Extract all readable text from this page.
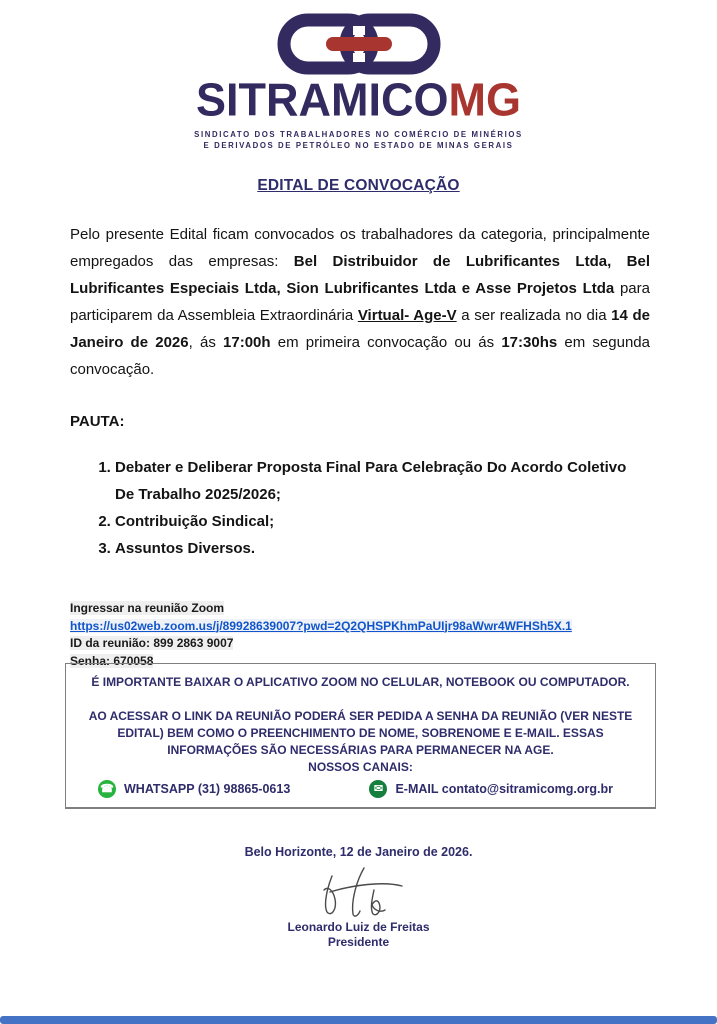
SITRAMICOMG
SINDICATO DOS TRABALHADORES NO COMÉRCIO DE MINÉRIOS
E DERIVADOS DE PETRÓLEO NO ESTADO DE MINAS GERAIS
EDITAL DE CONVOCAÇÃO

Pelo presente Edital ficam convocados os trabalhadores da categoria, principalmente empregados das empresas: Bel Distribuidor de Lubrificantes Ltda, Bel Lubrificantes Especiais Ltda, Sion Lubrificantes Ltda e Asse Projetos Ltda para participarem da Assembleia Extraordinária Virtual- Age-V a ser realizada no dia 14 de Janeiro de 2026, ás 17:00h em primeira convocação ou ás 17:30hs em segunda convocação.

PAUTA:
1. Debater e Deliberar Proposta Final Para Celebração Do Acordo Coletivo De Trabalho 2025/2026;
2. Contribuição Sindical;
3. Assuntos Diversos.
Ingressar na reunião Zoom
https://us02web.zoom.us/j/89928639007?pwd=2Q2QHSPKhmPaUIjr98aWwr4WFHSh5X.1
ID da reunião: 899 2863 9007
Senha: 670058
É IMPORTANTE BAIXAR O APLICATIVO ZOOM NO CELULAR, NOTEBOOK OU COMPUTADOR.
AO ACESSAR O LINK DA REUNIÃO PODERÁ SER PEDIDA A SENHA DA REUNIÃO (VER NESTE EDITAL) BEM COMO O PREENCHIMENTO DE NOME, SOBRENOME E E-MAIL. ESSAS INFORMAÇÕES SÃO NECESSÁRIAS PARA PERMANECER NA AGE.
NOSSOS CANAIS:
☎ WHATSAPP (31) 98865-0613	✉ E-MAIL contato@sitramicomg.org.br
Belo Horizonte, 12 de Janeiro de 2026.
Leonardo Luiz de Freitas
Presidente
